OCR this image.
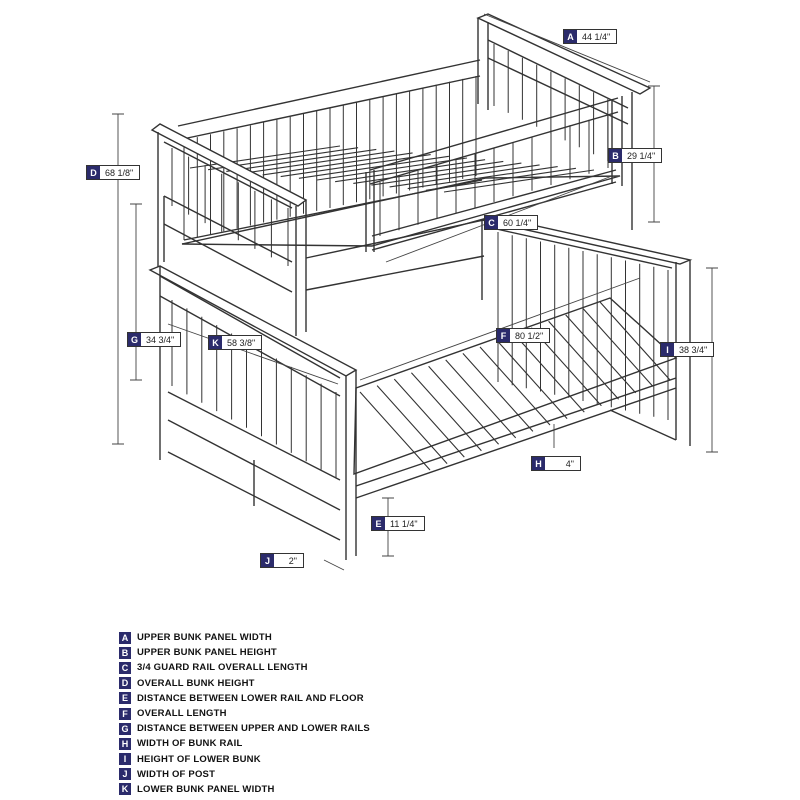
A 44 1/4"
B 29 1/4"
C 60 1/4"
D 68 1/8"
E 11 1/4"
F 80 1/2"
G 34 3/4"
H	4"
I	38 3/4"
J	2"
K 58 3/8"
A UPPER BUNK PANEL WIDTH
B UPPER BUNK PANEL HEIGHT
C 3/4 GUARD RAIL OVERALL LENGTH
D OVERALL BUNK HEIGHT
E DISTANCE BETWEEN LOWER RAIL AND FLOOR
F OVERALL LENGTH
G DISTANCE BETWEEN UPPER AND LOWER RAILS
H WIDTH OF BUNK RAIL
I	HEIGHT OF LOWER BUNK
J	WIDTH OF POST
K LOWER BUNK PANEL WIDTH
